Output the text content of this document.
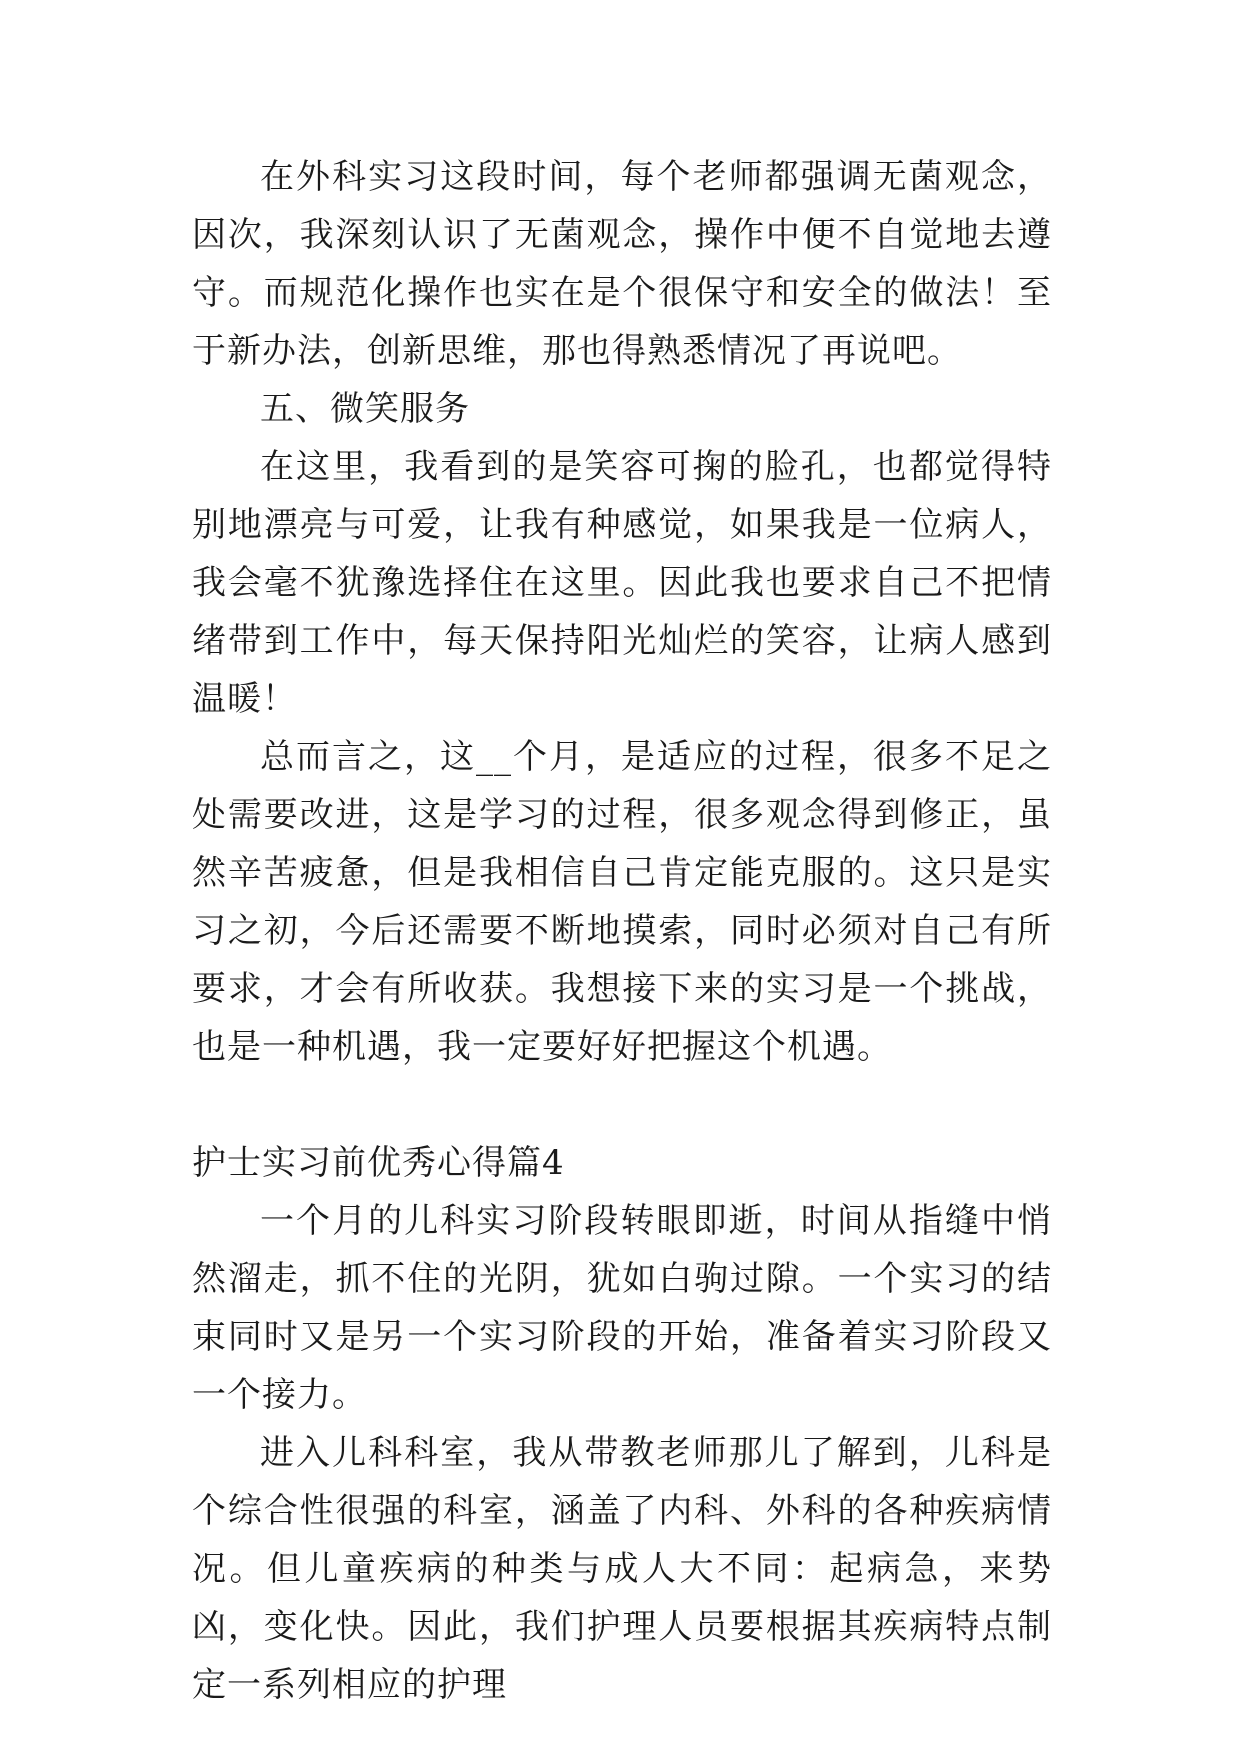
在外科实习这段时间，每个老师都强调无菌观念，因次，我深刻认识了无菌观念，操作中便不自觉地去遵守。而规范化操作也实在是个很保守和安全的做法！至于新办法，创新思维，那也得熟悉情况了再说吧。

五、微笑服务

在这里，我看到的是笑容可掬的脸孔，也都觉得特别地漂亮与可爱，让我有种感觉，如果我是一位病人，我会毫不犹豫选择住在这里。因此我也要求自己不把情绪带到工作中，每天保持阳光灿烂的笑容，让病人感到温暖！

总而言之，这__个月，是适应的过程，很多不足之处需要改进，这是学习的过程，很多观念得到修正，虽然辛苦疲惫，但是我相信自己肯定能克服的。这只是实习之初，今后还需要不断地摸索，同时必须对自己有所要求，才会有所收获。我想接下来的实习是一个挑战，也是一种机遇，我一定要好好把握这个机遇。

护士实习前优秀心得篇4

一个月的儿科实习阶段转眼即逝，时间从指缝中悄然溜走，抓不住的光阴，犹如白驹过隙。一个实习的结束同时又是另一个实习阶段的开始，准备着实习阶段又一个接力。

进入儿科科室，我从带教老师那儿了解到，儿科是个综合性很强的科室，涵盖了内科、外科的各种疾病情况。但儿童疾病的种类与成人大不同：起病急，来势凶，变化快。因此，我们护理人员要根据其疾病特点制定一系列相应的护理
